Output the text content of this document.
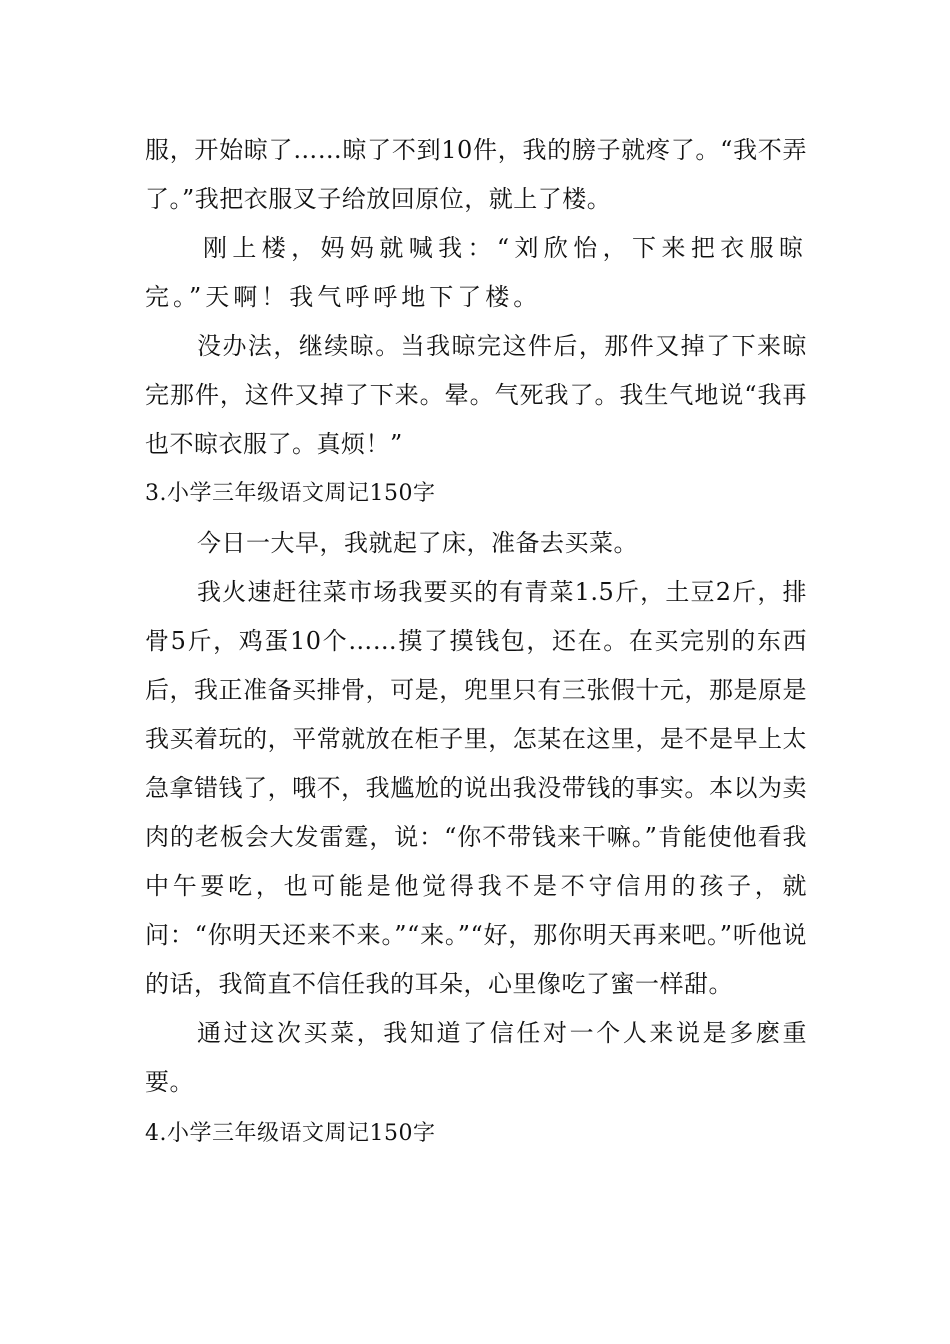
服，开始晾了……晾了不到10件，我的膀子就疼了。“我不弄了。”我把衣服叉子给放回原位，就上了楼。

刚上楼，妈妈就喊我：“刘欣怡，下来把衣服晾完。”天啊！我气呼呼地下了楼。

没办法，继续晾。当我晾完这件后，那件又掉了下来晾完那件，这件又掉了下来。晕。气死我了。我生气地说“我再也不晾衣服了。真烦！”

3.小学三年级语文周记150字

今日一大早，我就起了床，准备去买菜。

我火速赶往菜市场我要买的有青菜1.5斤，土豆2斤，排骨5斤，鸡蛋10个……摸了摸钱包，还在。在买完别的东西后，我正准备买排骨，可是，兜里只有三张假十元，那是原是我买着玩的，平常就放在柜子里，怎某在这里，是不是早上太急拿错钱了，哦不，我尴尬的说出我没带钱的事实。本以为卖肉的老板会大发雷霆，说：“你不带钱来干嘛。”肯能使他看我中午要吃，也可能是他觉得我不是不守信用的孩子，就问：“你明天还来不来。”“来。”“好，那你明天再来吧。”听他说的话，我简直不信任我的耳朵，心里像吃了蜜一样甜。

通过这次买菜，我知道了信任对一个人来说是多麽重要。

4.小学三年级语文周记150字
